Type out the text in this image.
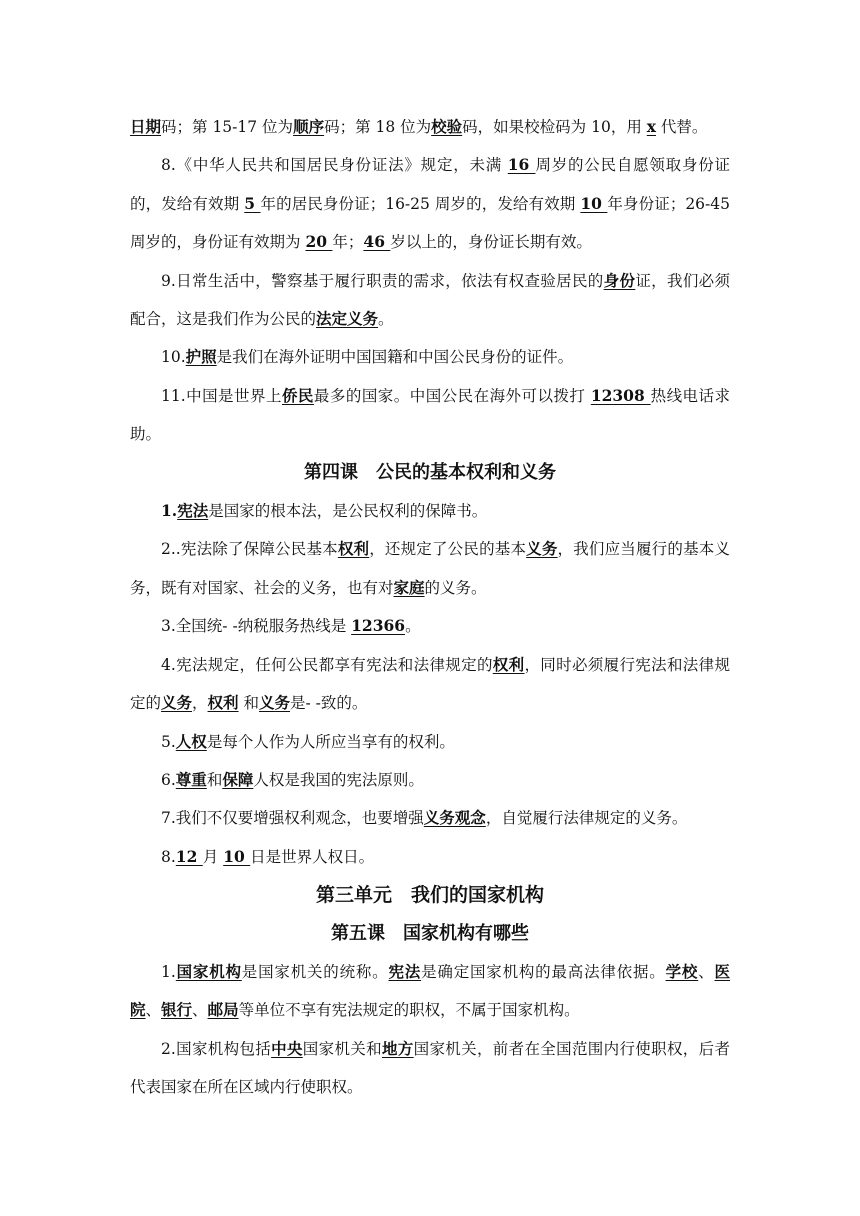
日期码；第 15-17 位为顺序码；第 18 位为校验码，如果校检码为 10，用 x 代替。

8.《中华人民共和国居民身份证法》规定，未满 16 周岁的公民自愿领取身份证的，发给有效期 5 年的居民身份证；16-25 周岁的，发给有效期 10 年身份证；26-45 周岁的，身份证有效期为 20 年；46 岁以上的，身份证长期有效。

9.日常生活中，警察基于履行职责的需求，依法有权查验居民的身份证，我们必须配合，这是我们作为公民的法定义务。

10.护照是我们在海外证明中国国籍和中国公民身份的证件。

11.中国是世界上侨民最多的国家。中国公民在海外可以拨打 12308 热线电话求助。

第四课　公民的基本权利和义务

1.宪法是国家的根本法，是公民权利的保障书。

2..宪法除了保障公民基本权利，还规定了公民的基本义务，我们应当履行的基本义务，既有对国家、社会的义务，也有对家庭的义务。

3.全国统- -纳税服务热线是 12366。

4.宪法规定，任何公民都享有宪法和法律规定的权利，同时必须履行宪法和法律规定的义务，权利 和义务是- -致的。

5.人权是每个人作为人所应当享有的权利。

6.尊重和保障人权是我国的宪法原则。

7.我们不仅要增强权利观念，也要增强义务观念，自觉履行法律规定的义务。

8.12 月 10 日是世界人权日。

第三单元　我们的国家机构

第五课　国家机构有哪些

1.国家机构是国家机关的统称。宪法是确定国家机构的最高法律依据。学校、医院、银行、邮局等单位不享有宪法规定的职权，不属于国家机构。

2.国家机构包括中央国家机关和地方国家机关，前者在全国范围内行使职权，后者代表国家在所在区域内行使职权。
